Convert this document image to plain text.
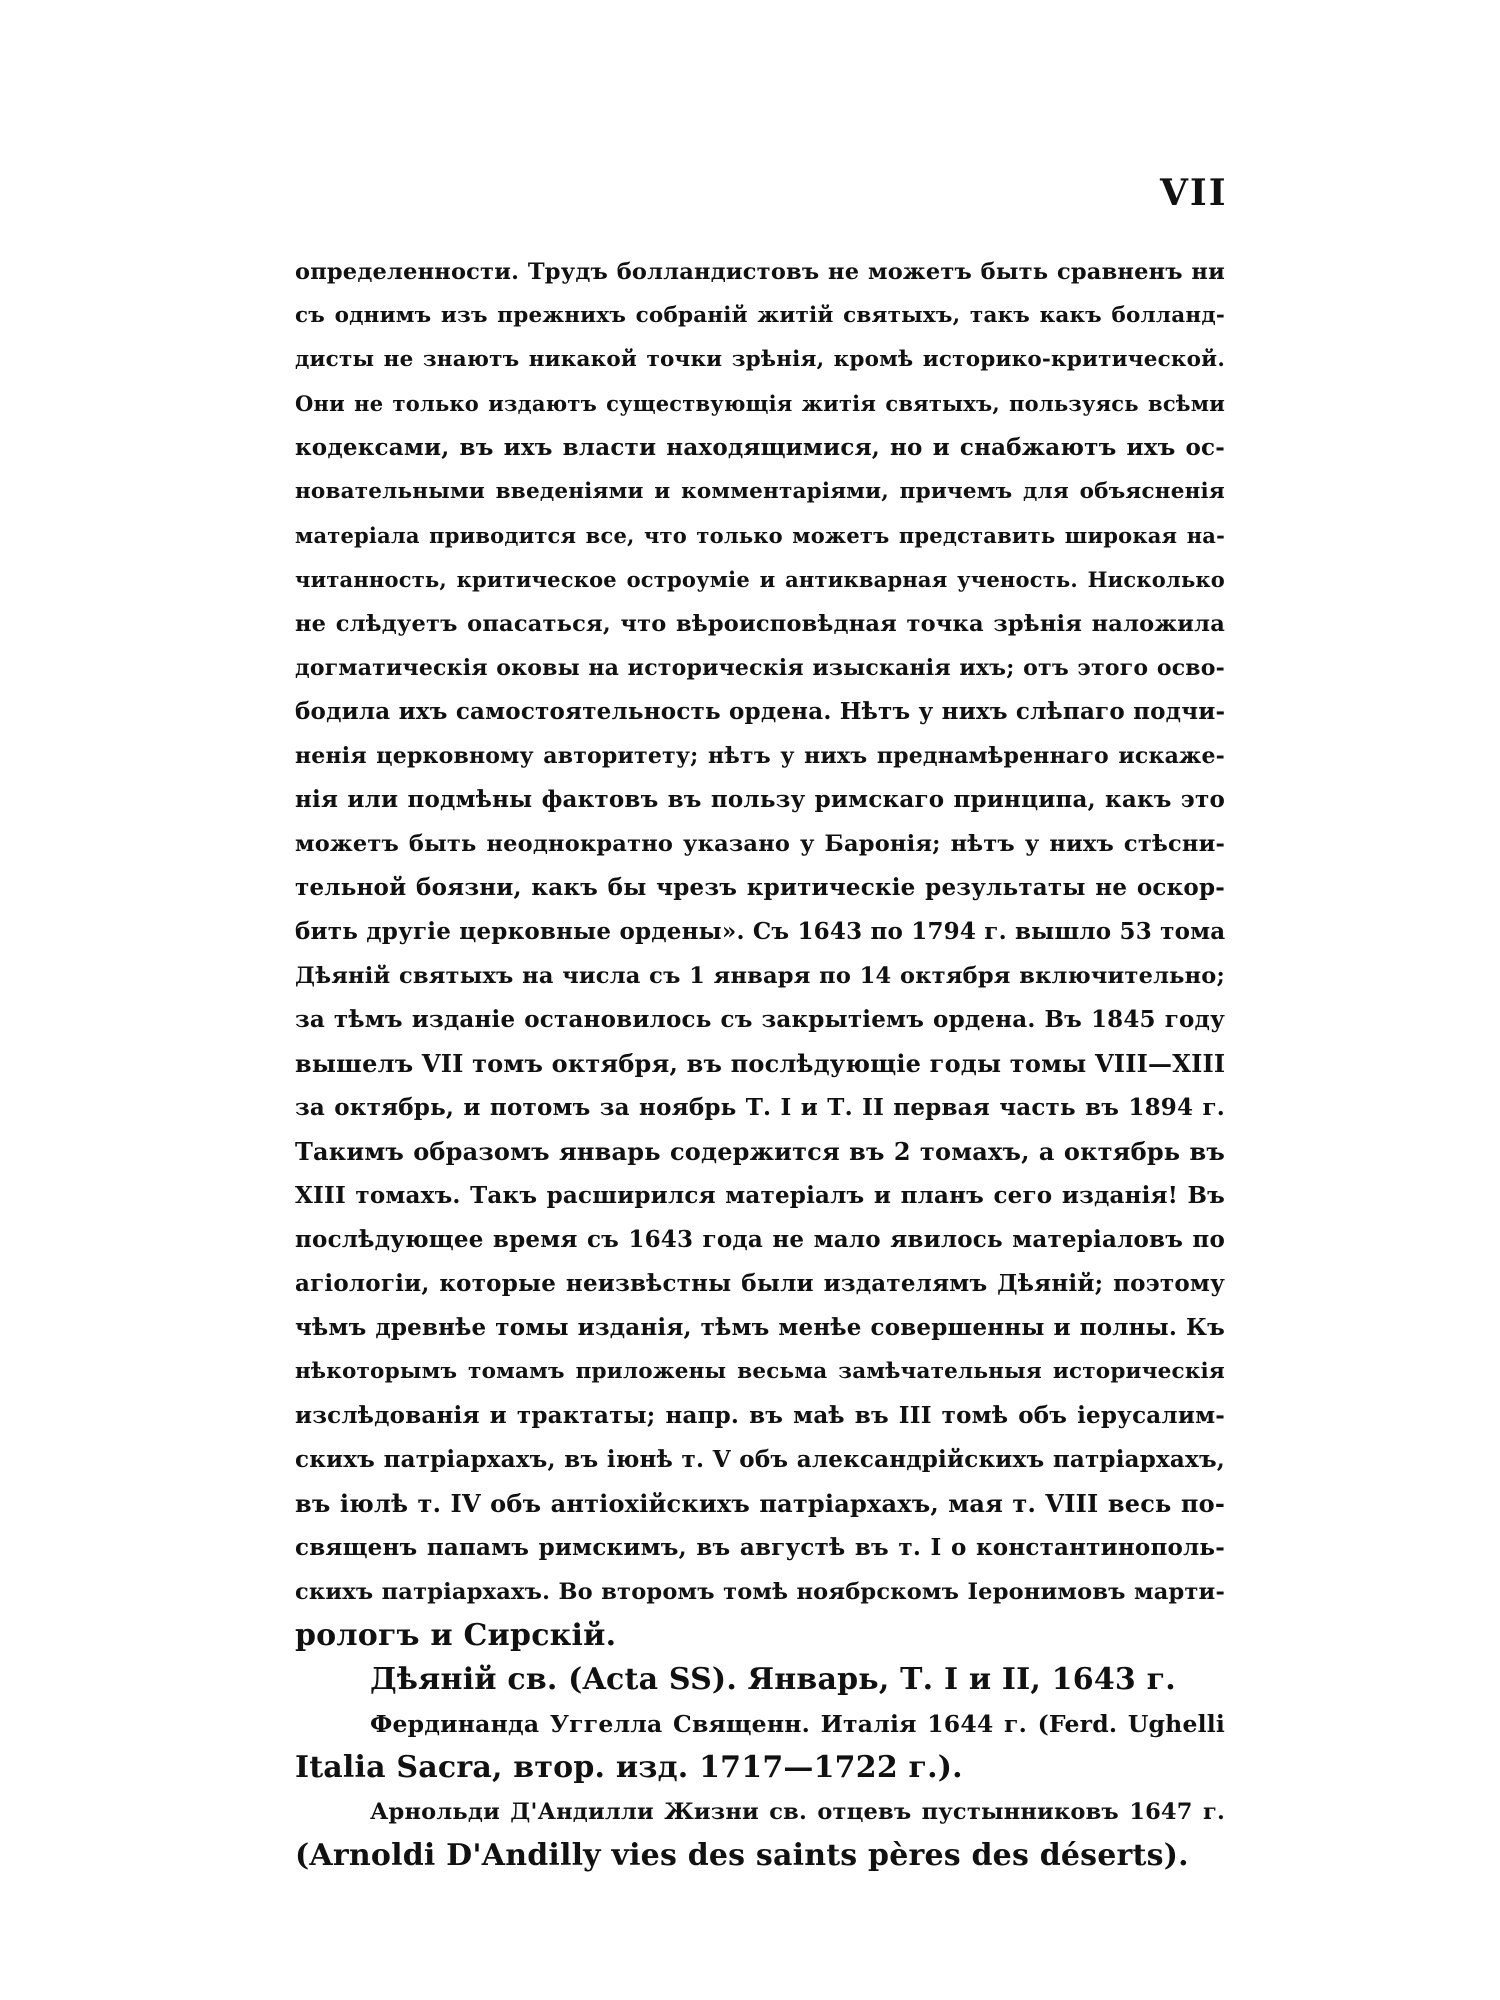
VII
определенности. Трудъ болландистовъ не можетъ быть сравненъ ни
съ однимъ изъ прежнихъ собраній житій святыхъ, такъ какъ болланд-
дисты не знаютъ никакой точки зрѣнія, кромѣ историко-критической.
Они не только издаютъ существующія житія святыхъ, пользуясь всѣми
кодексами, въ ихъ власти находящимися, но и снабжаютъ ихъ ос-
новательными введеніями и комментаріями, причемъ для объясненія
матеріала приводится все, что только можетъ представить широкая на-
читанность, критическое остроуміе и антикварная ученость. Нисколько
не слѣдуетъ опасаться, что вѣроисповѣдная точка зрѣнія наложила
догматическія оковы на историческія изысканія ихъ; отъ этого осво-
бодила ихъ самостоятельность ордена. Нѣтъ у нихъ слѣпаго подчи-
ненія церковному авторитету; нѣтъ у нихъ преднамѣреннаго искаже-
нія или подмѣны фактовъ въ пользу римскаго принципа, какъ это
можетъ быть неоднократно указано у Баронія; нѣтъ у нихъ стѣсни-
тельной боязни, какъ бы чрезъ критическіе результаты не оскор-
бить другіе церковные ордены». Съ 1643 по 1794 г. вышло 53 тома
Дѣяній святыхъ на числа съ 1 января по 14 октября включительно;
за тѣмъ изданіе остановилось съ закрытіемъ ордена. Въ 1845 году
вышелъ VII томъ октября, въ послѣдующіе годы томы VIII—XIII
за октябрь, и потомъ за ноябрь Т. I и Т. II первая часть въ 1894 г.
Такимъ образомъ январь содержится въ 2 томахъ, а октябрь въ
XIII томахъ. Такъ расширился матеріалъ и планъ сего изданія! Въ
послѣдующее время съ 1643 года не мало явилось матеріаловъ по
агіологіи, которые неизвѣстны были издателямъ Дѣяній; поэтому
чѣмъ древнѣе томы изданія, тѣмъ менѣе совершенны и полны. Къ
нѣкоторымъ томамъ приложены весьма замѣчательныя историческія
изслѣдованія и трактаты; напр. въ маѣ въ III томѣ объ іерусалим-
скихъ патріархахъ, въ іюнѣ т. V объ александрійскихъ патріархахъ,
въ іюлѣ т. IV объ антіохійскихъ патріархахъ, мая т. VIII весь по-
священъ папамъ римскимъ, въ августѣ въ т. I о константинополь-
скихъ патріархахъ. Во второмъ томѣ ноябрскомъ Іеронимовъ марти-
рологъ и Сирскій.
Дѣяній св. (Acta SS). Январь, Т. I и II, 1643 г.
Фердинанда Уггелла Священн. Италія 1644 г. (Ferd. Ughelli
Italia Sacra, втор. изд. 1717—1722 г.).
Арнольди Д'Андилли Жизни св. отцевъ пустынниковъ 1647 г.
(Arnoldi D'Andilly vies des saints pères des déserts).
